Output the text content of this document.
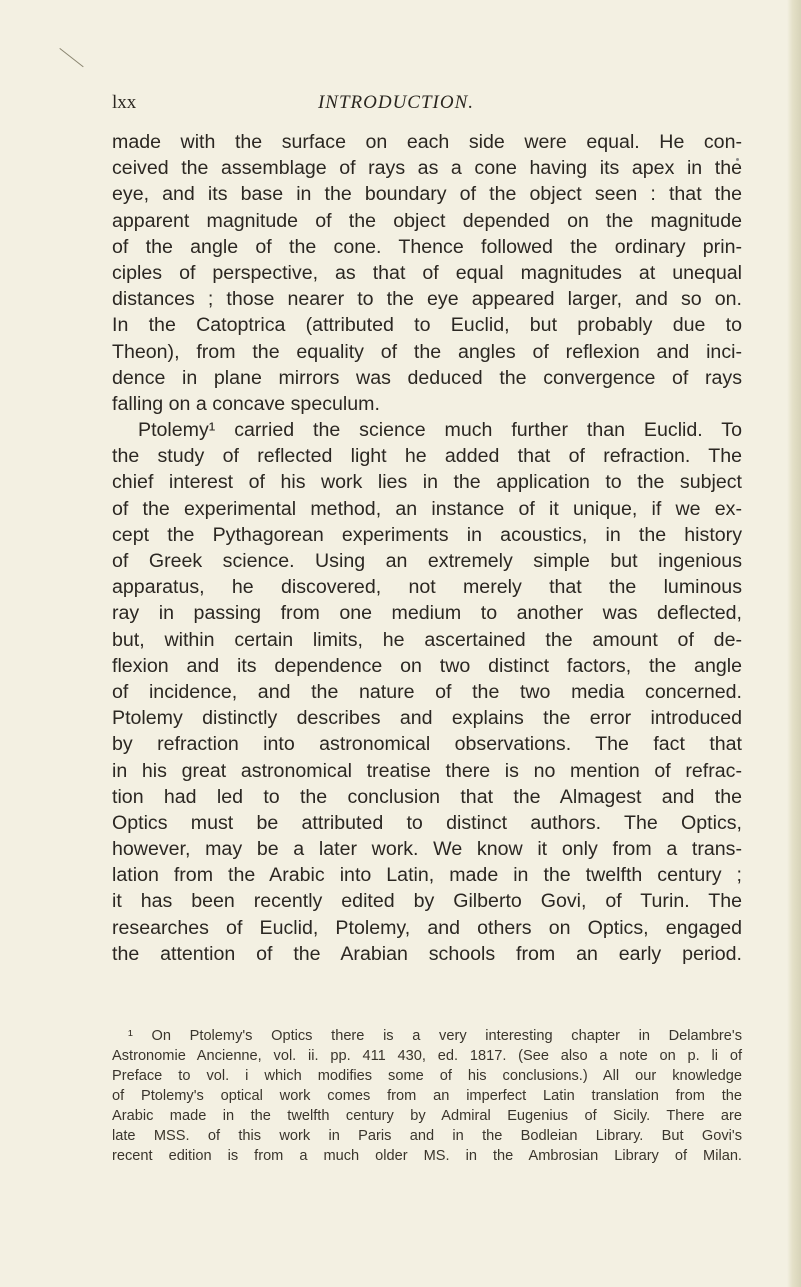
lxx	INTRODUCTION.
made with the surface on each side were equal. He con-
ceived the assemblage of rays as a cone having its apex in the
eye, and its base in the boundary of the object seen : that the
apparent magnitude of the object depended on the magnitude
of the angle of the cone. Thence followed the ordinary prin-
ciples of perspective, as that of equal magnitudes at unequal
distances ; those nearer to the eye appeared larger, and so on.
In the Catoptrica (attributed to Euclid, but probably due to
Theon), from the equality of the angles of reflexion and inci-
dence in plane mirrors was deduced the convergence of rays
falling on a concave speculum.
Ptolemy¹ carried the science much further than Euclid. To
the study of reflected light he added that of refraction. The
chief interest of his work lies in the application to the subject
of the experimental method, an instance of it unique, if we ex-
cept the Pythagorean experiments in acoustics, in the history
of Greek science. Using an extremely simple but ingenious
apparatus, he discovered, not merely that the luminous
ray in passing from one medium to another was deflected,
but, within certain limits, he ascertained the amount of de-
flexion and its dependence on two distinct factors, the angle
of incidence, and the nature of the two media concerned.
Ptolemy distinctly describes and explains the error introduced
by refraction into astronomical observations. The fact that
in his great astronomical treatise there is no mention of refrac-
tion had led to the conclusion that the Almagest and the
Optics must be attributed to distinct authors. The Optics,
however, may be a later work. We know it only from a trans-
lation from the Arabic into Latin, made in the twelfth century ;
it has been recently edited by Gilberto Govi, of Turin. The
researches of Euclid, Ptolemy, and others on Optics, engaged
the attention of the Arabian schools from an early period.
¹ On Ptolemy's Optics there is a very interesting chapter in Delambre's
Astronomie Ancienne, vol. ii. pp. 411 430, ed. 1817. (See also a note on p. li of
Preface to vol. i which modifies some of his conclusions.) All our knowledge
of Ptolemy's optical work comes from an imperfect Latin translation from the
Arabic made in the twelfth century by Admiral Eugenius of Sicily. There are
late MSS. of this work in Paris and in the Bodleian Library. But Govi's
recent edition is from a much older MS. in the Ambrosian Library of Milan.
